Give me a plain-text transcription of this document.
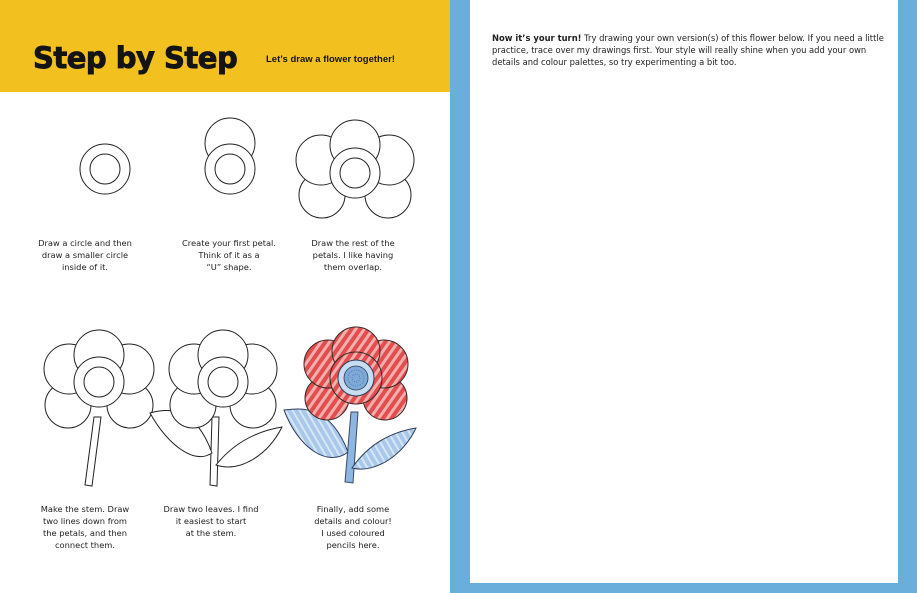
Step by Step	Let’s draw a flower together!
Draw a circle and then
draw a smaller circle
inside of it.
Create your first petal.
Think of it as a
“U” shape.
Draw the rest of the
petals. I like having
them overlap.
Make the stem. Draw
two lines down from
the petals, and then
connect them.
Draw two leaves. I find
it easiest to start
at the stem.
Finally, add some
details and colour!
I used coloured
pencils here.
Now it’s your turn! Try drawing your own version(s) of this flower below. If you need a little practice, trace over my drawings first. Your style will really shine when you add your own details and colour palettes, so try experimenting a bit too.
